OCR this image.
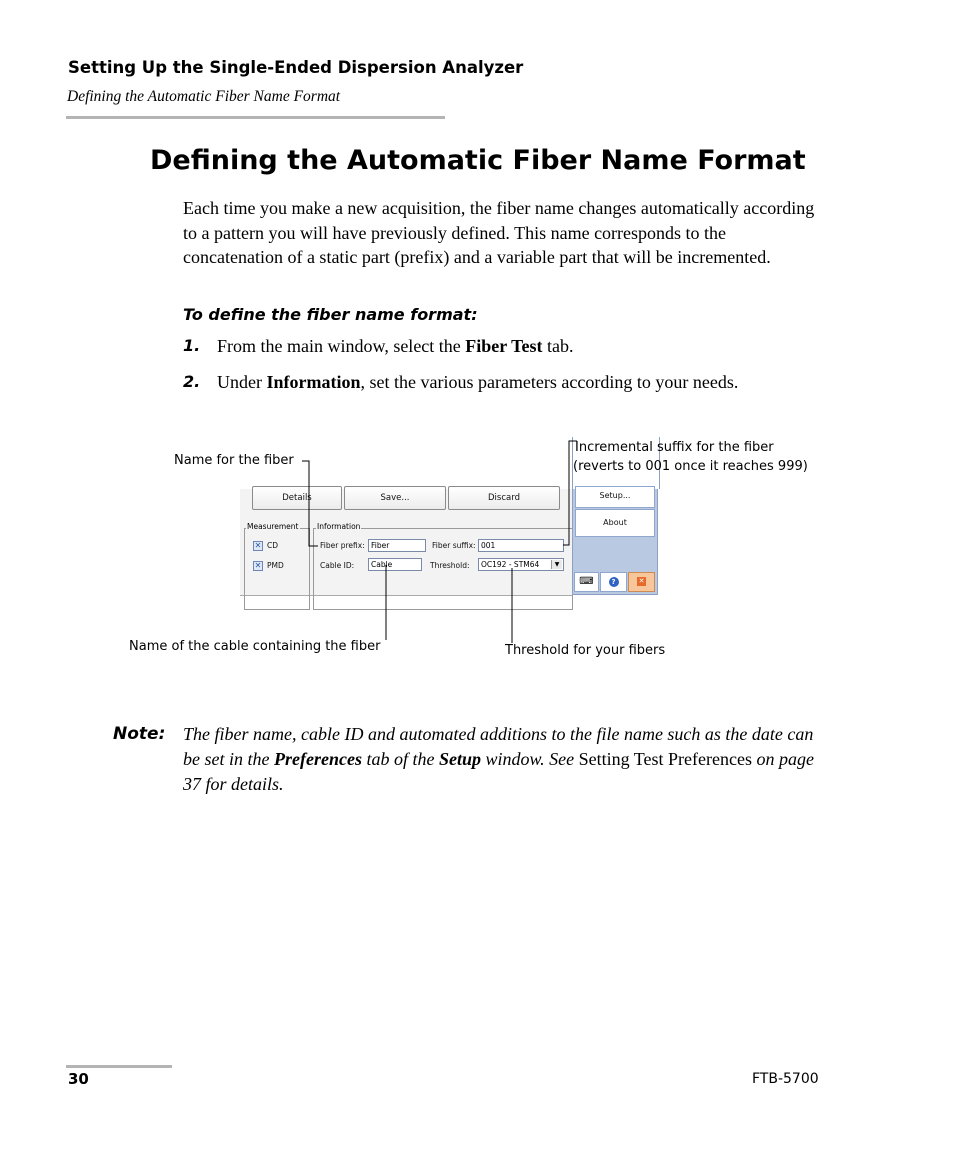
Setting Up the Single-Ended Dispersion Analyzer
Defining the Automatic Fiber Name Format
Defining the Automatic Fiber Name Format
Each time you make a new acquisition, the fiber name changes automatically according to a pattern you will have previously defined. This name corresponds to the concatenation of a static part (prefix) and a variable part that will be incremented.
To define the fiber name format:
1. From the main window, select the Fiber Test tab.
2. Under Information, set the various parameters according to your needs.
Details	Save...	Discard
Measurement
✕ CD
✕ PMD
Information
Fiber prefix: Fiber	Fiber suffix: 001
Cable ID:	Cable	Threshold:	OC192 - STM64	▼
Setup...
About
⌨	?	✕
Name for the fiber
Incremental suffix for the fiber
(reverts to 001 once it reaches 999)
Name of the cable containing the fiber	Threshold for your fibers
Note: The fiber name, cable ID and automated additions to the file name such as the date can be set in the Preferences tab of the Setup window. See Setting Test Preferences on page 37 for details.
30	FTB-5700
